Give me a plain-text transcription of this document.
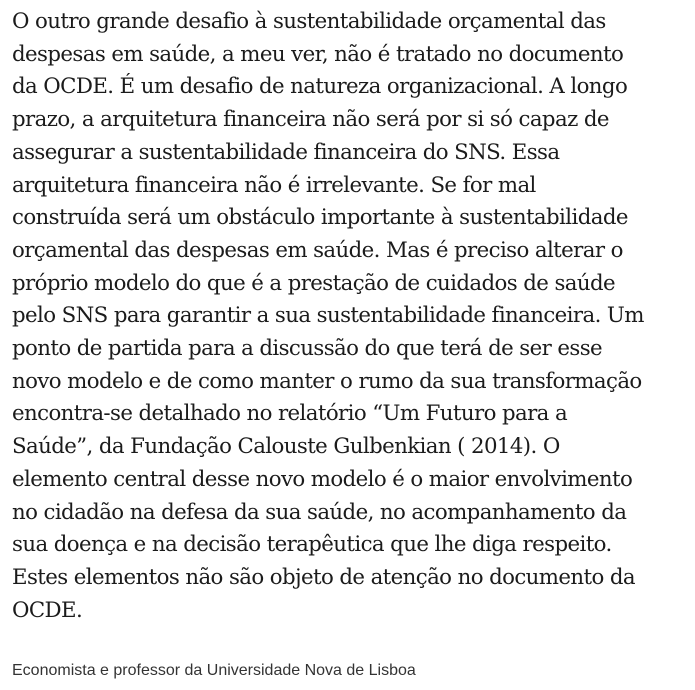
O outro grande desafio à sustentabilidade orçamental das
despesas em saúde, a meu ver, não é tratado no documento
da OCDE. É um desafio de natureza organizacional. A longo
prazo, a arquitetura financeira não será por si só capaz de
assegurar a sustentabilidade financeira do SNS. Essa
arquitetura financeira não é irrelevante. Se for mal
construída será um obstáculo importante à sustentabilidade
orçamental das despesas em saúde. Mas é preciso alterar o
próprio modelo do que é a prestação de cuidados de saúde
pelo SNS para garantir a sua sustentabilidade financeira. Um
ponto de partida para a discussão do que terá de ser esse
novo modelo e de como manter o rumo da sua transformação
encontra-se detalhado no relatório “Um Futuro para a
Saúde”, da Fundação Calouste Gulbenkian ( 2014). O
elemento central desse novo modelo é o maior envolvimento
no cidadão na defesa da sua saúde, no acompanhamento da
sua doença e na decisão terapêutica que lhe diga respeito.
Estes elementos não são objeto de atenção no documento da
OCDE.

Economista e professor da Universidade Nova de Lisboa
